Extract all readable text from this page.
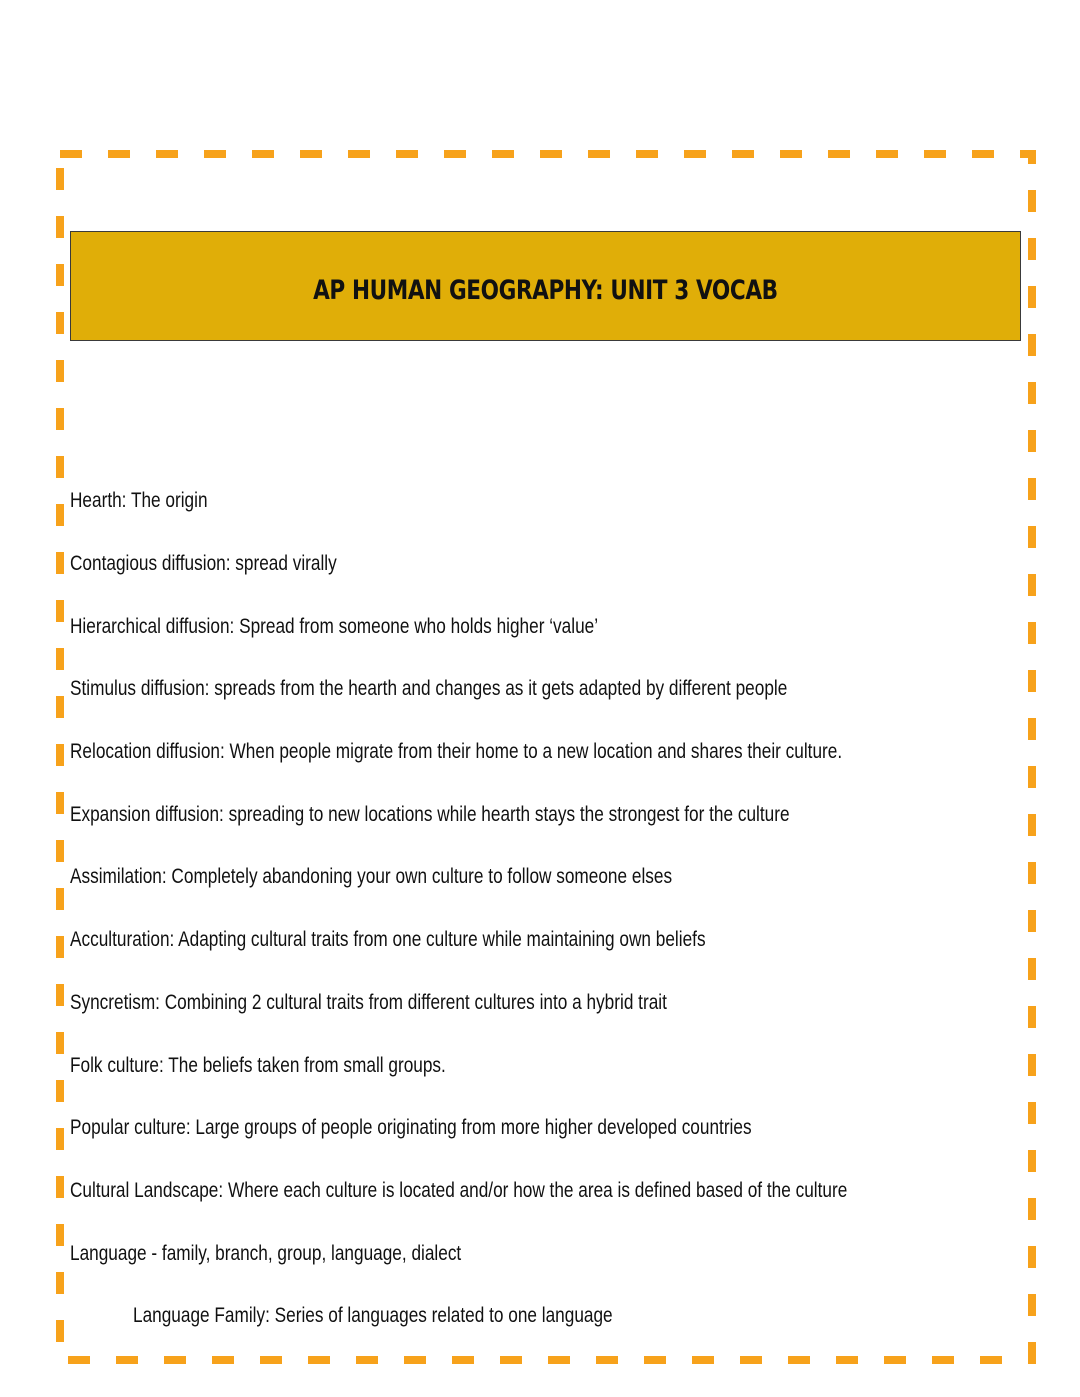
AP HUMAN GEOGRAPHY: UNIT 3 VOCAB
Hearth: The origin
Contagious diffusion: spread virally
Hierarchical diffusion: Spread from someone who holds higher ‘value’
Stimulus diffusion: spreads from the hearth and changes as it gets adapted by different people
Relocation diffusion: When people migrate from their home to a new location and shares their culture.
Expansion diffusion: spreading to new locations while hearth stays the strongest for the culture
Assimilation: Completely abandoning your own culture to follow someone elses
Acculturation: Adapting cultural traits from one culture while maintaining own beliefs
Syncretism: Combining 2 cultural traits from different cultures into a hybrid trait
Folk culture: The beliefs taken from small groups.
Popular culture: Large groups of people originating from more higher developed countries
Cultural Landscape: Where each culture is located and/or how the area is defined based of the culture
Language - family, branch, group, language, dialect
Language Family: Series of languages related to one language
